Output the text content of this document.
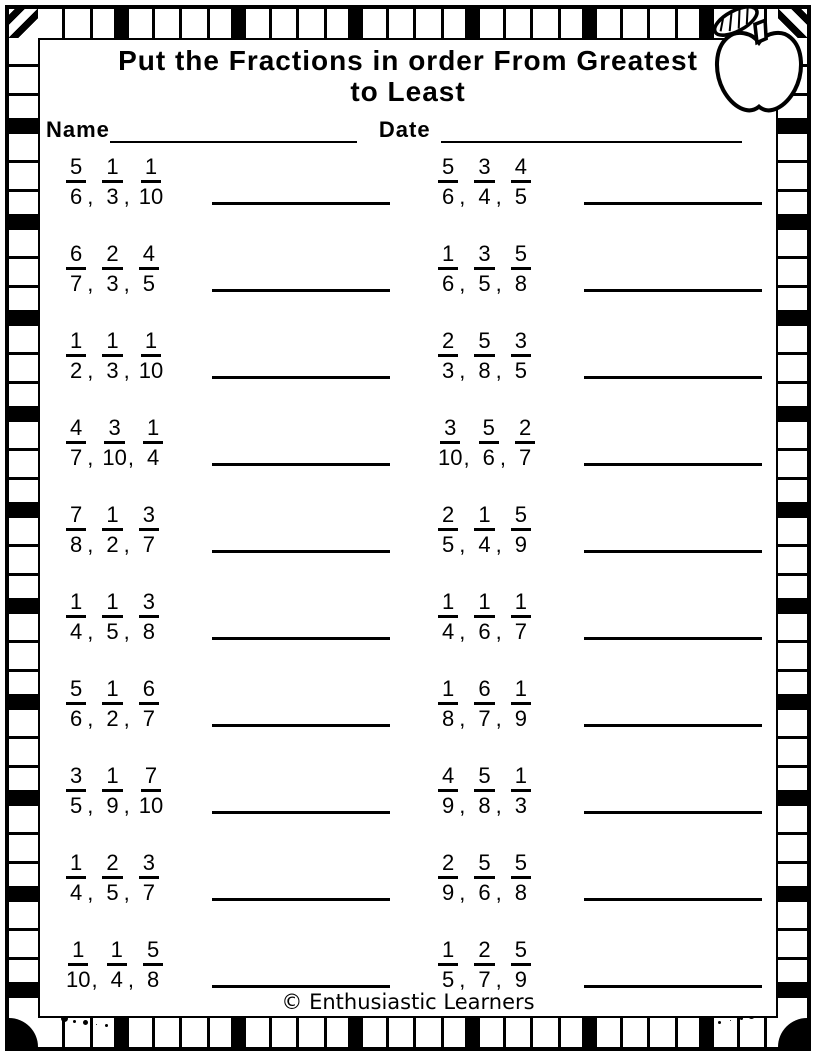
Put the Fractions in order From Greatest
to Least
Name	Date
$\frac{5}{6}$ , $\frac{1}{3}$ , $\frac{1}{10}$
$\frac{6}{7}$ , $\frac{2}{3}$ , $\frac{4}{5}$
$\frac{1}{2}$ , $\frac{1}{3}$ , $\frac{1}{10}$
$\frac{4}{7}$ , $\frac{3}{10}$ , $\frac{1}{4}$
$\frac{7}{8}$ , $\frac{1}{2}$ , $\frac{3}{7}$
$\frac{1}{4}$ , $\frac{1}{5}$ , $\frac{3}{8}$
$\frac{5}{6}$ , $\frac{1}{2}$ , $\frac{6}{7}$
$\frac{3}{5}$ , $\frac{1}{9}$ , $\frac{7}{10}$
$\frac{1}{4}$ , $\frac{2}{5}$ , $\frac{3}{7}$
$\frac{1}{10}$ , $\frac{1}{4}$ , $\frac{5}{8}$
$\frac{5}{6}$ , $\frac{3}{4}$ , $\frac{4}{5}$
$\frac{1}{6}$ , $\frac{3}{5}$ , $\frac{5}{8}$
$\frac{2}{3}$ , $\frac{5}{8}$ , $\frac{3}{5}$
$\frac{3}{10}$ , $\frac{5}{6}$ , $\frac{2}{7}$
$\frac{2}{5}$ , $\frac{1}{4}$ , $\frac{5}{9}$
$\frac{1}{4}$ , $\frac{1}{6}$ , $\frac{1}{7}$
$\frac{1}{8}$ , $\frac{6}{7}$ , $\frac{1}{9}$
$\frac{4}{9}$ , $\frac{5}{8}$ , $\frac{1}{3}$
$\frac{2}{9}$ , $\frac{5}{6}$ , $\frac{5}{8}$
$\frac{1}{5}$ , $\frac{2}{7}$ , $\frac{5}{9}$
© Enthusiastic Learners
